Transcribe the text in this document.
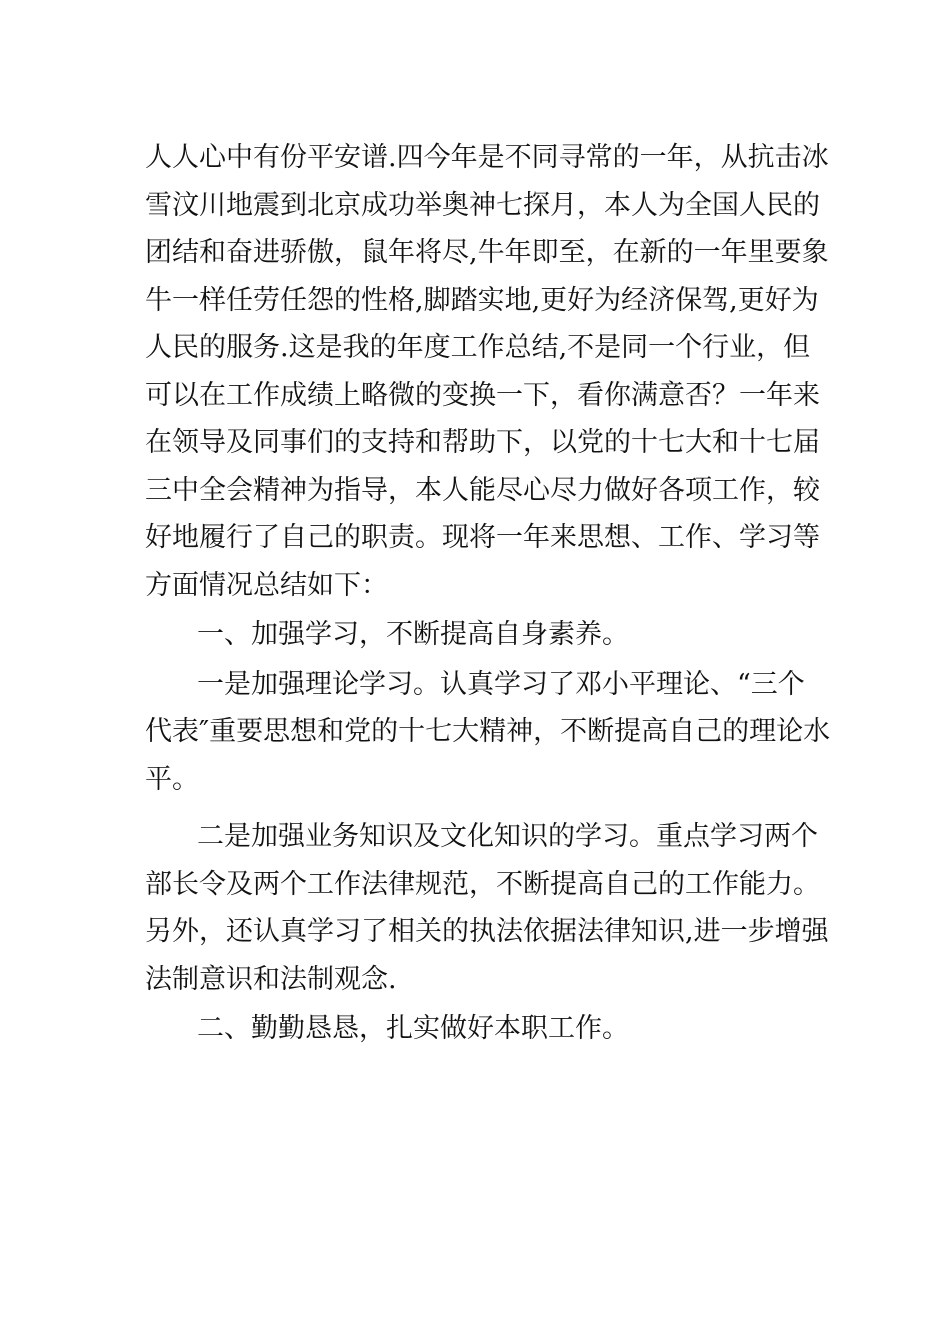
人人心中有份平安谱.四今年是不同寻常的一年，从抗击冰
雪汶川地震到北京成功举奥神七探月，本人为全国人民的
团结和奋进骄傲，鼠年将尽,牛年即至，在新的一年里要象
牛一样任劳任怨的性格,脚踏实地,更好为经济保驾,更好为
人民的服务.这是我的年度工作总结,不是同一个行业，但
可以在工作成绩上略微的变换一下，看你满意否？一年来
在领导及同事们的支持和帮助下，以党的十七大和十七届
三中全会精神为指导，本人能尽心尽力做好各项工作，较
好地履行了自己的职责。现将一年来思想、工作、学习等
方面情况总结如下：

一、加强学习，不断提高自身素养。

一是加强理论学习。认真学习了邓小平理论、“三个
代表″重要思想和党的十七大精神，不断提高自己的理论水
平。

二是加强业务知识及文化知识的学习。重点学习两个
部长令及两个工作法律规范，不断提高自己的工作能力。
另外，还认真学习了相关的执法依据法律知识,进一步增强
法制意识和法制观念.

二、勤勤恳恳，扎实做好本职工作。
